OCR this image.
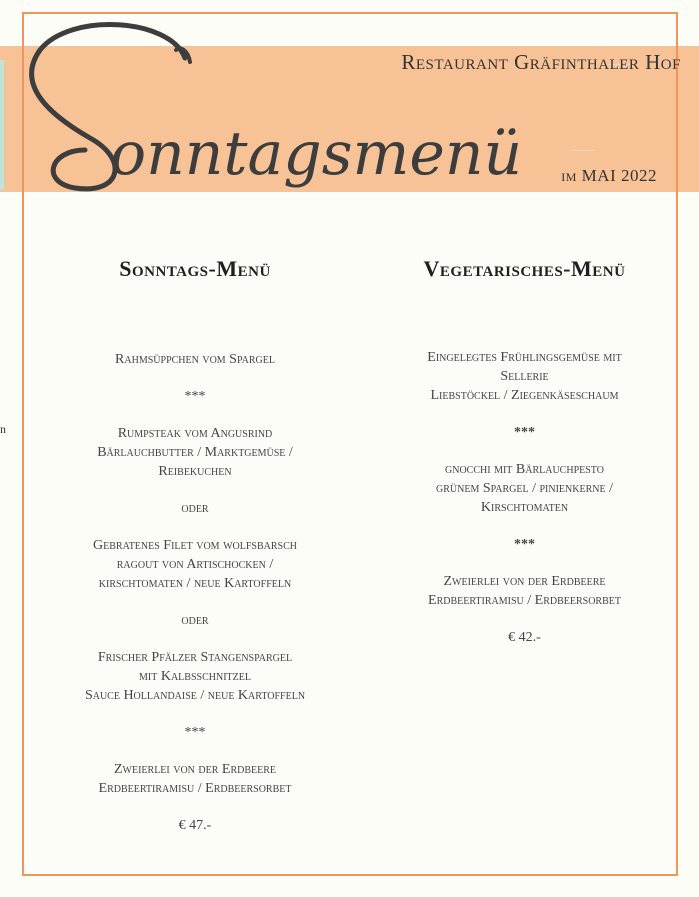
onntagsmenü
Restaurant Gräfinthaler Hof
im MAI 2022
n
Sonntags-Menü
Rahmsüppchen vom Spargel
***
Rumpsteak vom Angusrind
Bärlauchbutter / Marktgemüse /
Reibekuchen
oder
Gebratenes Filet vom wolfsbarsch
ragout von Artischocken /
kirschtomaten / neue Kartoffeln
oder
Frischer Pfälzer Stangenspargel
mit Kalbsschnitzel
Sauce Hollandaise / neue Kartoffeln
***
Zweierlei von der Erdbeere
Erdbeertiramisu / Erdbeersorbet
€ 47.-
Vegetarisches-Menü
Eingelegtes Frühlingsgemüse mit
Sellerie
Liebstöckel / Ziegenkäseschaum
***
gnocchi mit Bärlauchpesto
grünem Spargel / pinienkerne /
Kirschtomaten
***
Zweierlei von der Erdbeere
Erdbeertiramisu / Erdbeersorbet
€ 42.-
